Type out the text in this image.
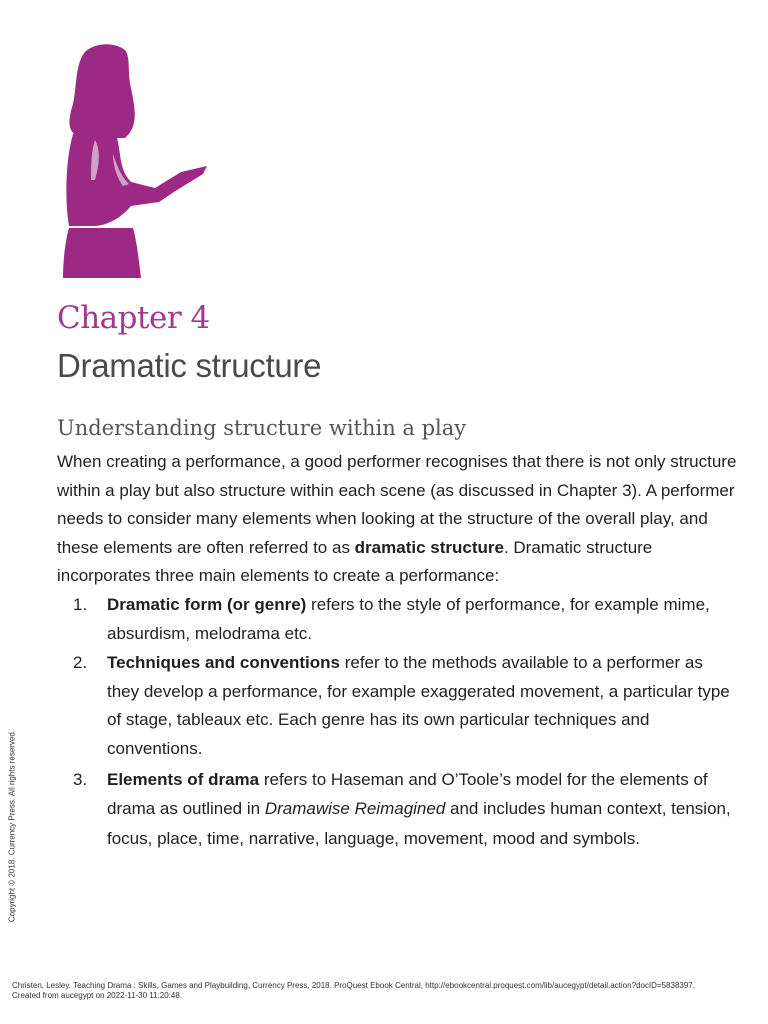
Chapter 4
Dramatic structure
Understanding structure within a play

When creating a performance, a good performer recognises that there is not only structure within a play but also structure within each scene (as discussed in Chapter 3). A performer needs to consider many elements when looking at the structure of the overall play, and these elements are often referred to as dramatic structure. Dramatic structure incorporates three main elements to create a performance:

1. Dramatic form (or genre) refers to the style of performance, for example mime, absurdism, melodrama etc.
2. Techniques and conventions refer to the methods available to a performer as they develop a performance, for example exaggerated movement, a particular type of stage, tableaux etc. Each genre has its own particular techniques and conventions.
3. Elements of drama refers to Haseman and O’Toole’s model for the elements of drama as outlined in Dramawise Reimagined and includes human context, tension, focus, place, time, narrative, language, movement, mood and symbols.
Copyright © 2018. Currency Press. All rights reserved.
Christen, Lesley. Teaching Drama : Skills, Games and Playbuilding, Currency Press, 2018. ProQuest Ebook Central, http://ebookcentral.proquest.com/lib/aucegypt/detail.action?docID=5838397.
Created from aucegypt on 2022-11-30 11:20:48.
